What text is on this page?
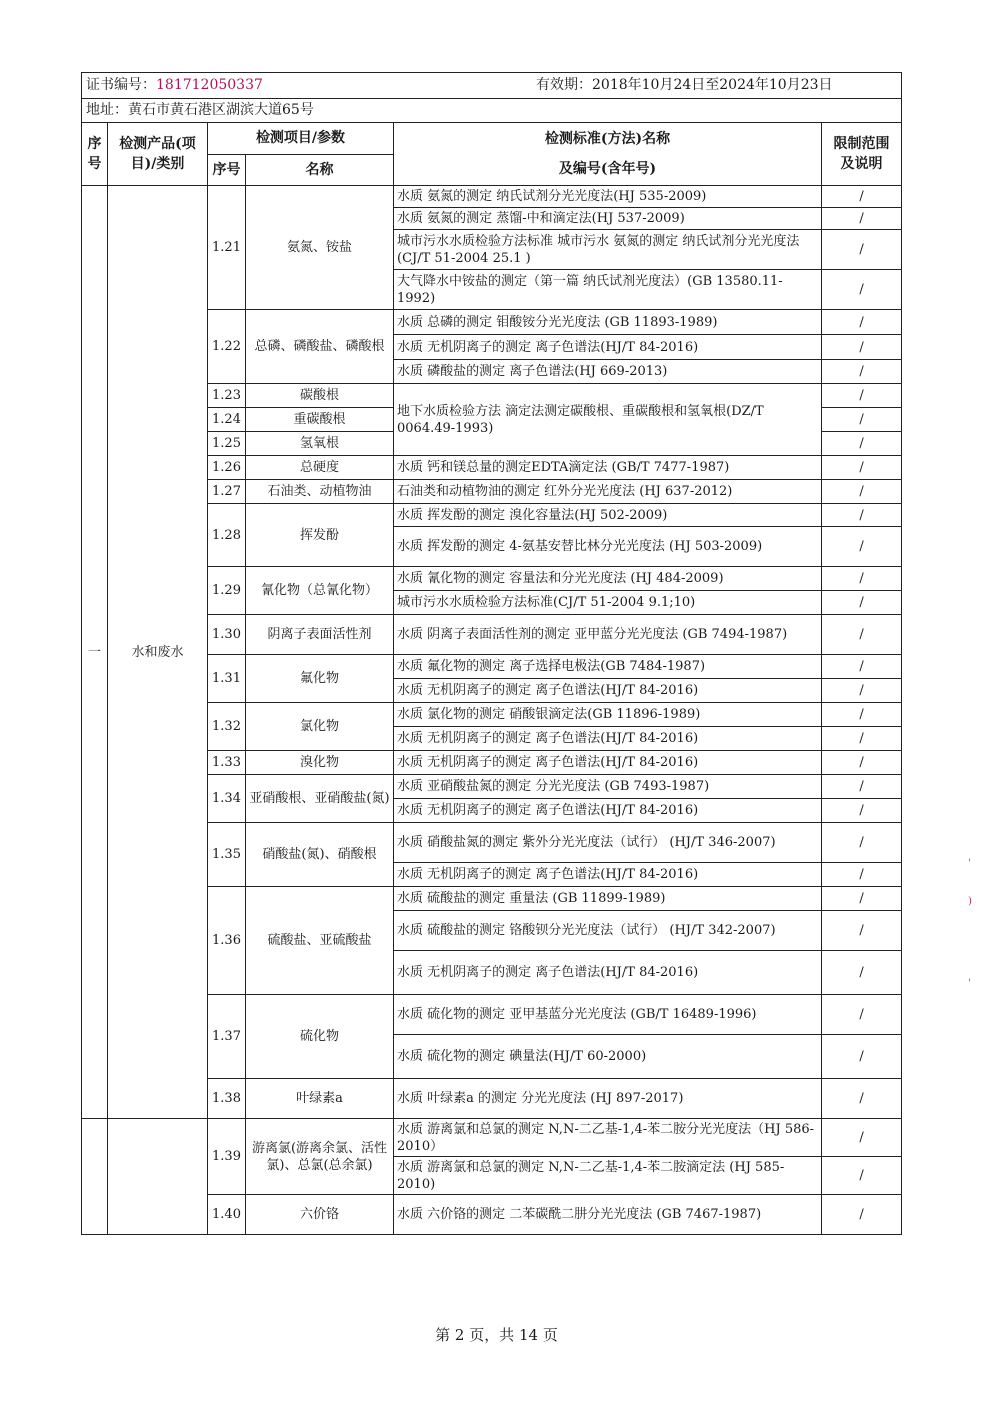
证书编号：181712050337 有效期：2018年10月24日至2024年10月23日					

地址：黄石市黄石港区湖滨大道65号					
序号	检测产品(项目)/类别	检测项目/参数		检测标准(方法)名称
及编号(含年号)	限制范围及说明
		序号	名称		
一	水和废水	1.21	氨氮、铵盐	水质 氨氮的测定 纳氏试剂分光光度法(HJ 535-2009)	/
				水质 氨氮的测定 蒸馏-中和滴定法(HJ 537-2009)	/
				城市污水水质检验方法标准 城市污水 氨氮的测定 纳氏试剂分光光度法 (CJ/T 51-2004 25.1 )	/
				大气降水中铵盐的测定（第一篇 纳氏试剂光度法）(GB 13580.11-1992)	/
		1.22	总磷、磷酸盐、磷酸根	水质 总磷的测定 钼酸铵分光光度法 (GB 11893-1989)	/
				水质 无机阴离子的测定 离子色谱法(HJ/T 84-2016)	/
				水质 磷酸盐的测定 离子色谱法(HJ 669-2013)	/
		1.23	碳酸根	地下水质检验方法 滴定法测定碳酸根、重碳酸根和氢氧根(DZ/T 0064.49-1993)	/
		1.24	重碳酸根		/
		1.25	氢氧根		/
		1.26	总硬度	水质 钙和镁总量的测定EDTA滴定法 (GB/T 7477-1987)	/
		1.27	石油类、动植物油	石油类和动植物油的测定 红外分光光度法 (HJ 637-2012)	/
		1.28	挥发酚	水质 挥发酚的测定 溴化容量法(HJ 502-2009)	/
				水质 挥发酚的测定 4-氨基安替比林分光光度法 (HJ 503-2009)	/
		1.29	氰化物（总氰化物）	水质 氰化物的测定 容量法和分光光度法 (HJ 484-2009)	/
				城市污水水质检验方法标准(CJ/T 51-2004 9.1;10)	/
		1.30	阴离子表面活性剂	水质 阴离子表面活性剂的测定 亚甲蓝分光光度法 (GB 7494-1987)	/
		1.31	氟化物	水质 氟化物的测定 离子选择电极法(GB 7484-1987)	/
				水质 无机阴离子的测定 离子色谱法(HJ/T 84-2016)	/
		1.32	氯化物	水质 氯化物的测定 硝酸银滴定法(GB 11896-1989)	/
				水质 无机阴离子的测定 离子色谱法(HJ/T 84-2016)	/
		1.33	溴化物	水质 无机阴离子的测定 离子色谱法(HJ/T 84-2016)	/
		1.34	亚硝酸根、亚硝酸盐(氮)	水质 亚硝酸盐氮的测定 分光光度法 (GB 7493-1987)	/
				水质 无机阴离子的测定 离子色谱法(HJ/T 84-2016)	/
		1.35	硝酸盐(氮)、硝酸根	水质 硝酸盐氮的测定 紫外分光光度法（试行） (HJ/T 346-2007)	/
				水质 无机阴离子的测定 离子色谱法(HJ/T 84-2016)	/
		1.36	硫酸盐、亚硫酸盐	水质 硫酸盐的测定 重量法 (GB 11899-1989)	/
				水质 硫酸盐的测定 铬酸钡分光光度法（试行） (HJ/T 342-2007)	/
				水质 无机阴离子的测定 离子色谱法(HJ/T 84-2016)	/
		1.37	硫化物	水质 硫化物的测定 亚甲基蓝分光光度法 (GB/T 16489-1996)	/
				水质 硫化物的测定 碘量法(HJ/T 60-2000)	/
		1.38	叶绿素a	水质 叶绿素a 的测定 分光光度法 (HJ 897-2017)	/
		1.39	游离氯(游离余氯、活性氯)、总氯(总余氯)	水质 游离氯和总氯的测定 N,N-二乙基-1,4-苯二胺分光光度法（HJ 586-2010）	/
				水质 游离氯和总氯的测定 N,N-二乙基-1,4-苯二胺滴定法 (HJ 585-2010)	/
		1.40	六价铬	水质 六价铬的测定 二苯碳酰二肼分光光度法 (GB 7467-1987)	/
第 2 页，共 14 页
'
)
'
